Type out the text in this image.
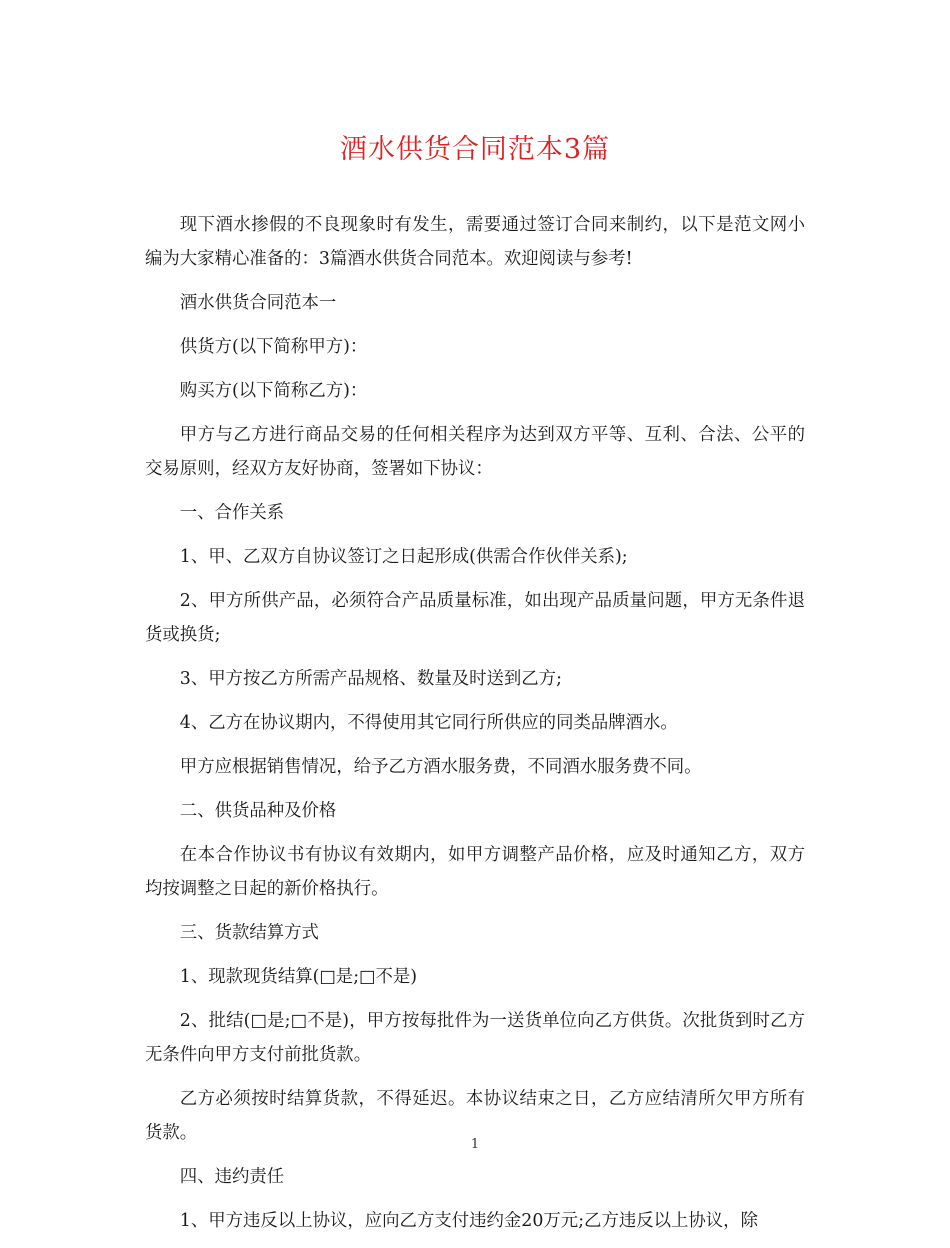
酒水供货合同范本3篇

现下酒水掺假的不良现象时有发生，需要通过签订合同来制约，以下是范文网小编为大家精心准备的：3篇酒水供货合同范本。欢迎阅读与参考!

酒水供货合同范本一

供货方(以下简称甲方)：

购买方(以下简称乙方)：

甲方与乙方进行商品交易的任何相关程序为达到双方平等、互利、合法、公平的交易原则，经双方友好协商，签署如下协议：

一、合作关系

1、甲、乙双方自协议签订之日起形成(供需合作伙伴关系);

2、甲方所供产品，必须符合产品质量标准，如出现产品质量问题，甲方无条件退货或换货;

3、甲方按乙方所需产品规格、数量及时送到乙方;

4、乙方在协议期内，不得使用其它同行所供应的同类品牌酒水。

甲方应根据销售情况，给予乙方酒水服务费，不同酒水服务费不同。

二、供货品种及价格

在本合作协议书有协议有效期内，如甲方调整产品价格，应及时通知乙方，双方均按调整之日起的新价格执行。

三、货款结算方式

1、现款现货结算(□是;□不是)

2、批结(□是;□不是)，甲方按每批件为一送货单位向乙方供货。次批货到时乙方无条件向甲方支付前批货款。

乙方必须按时结算货款，不得延迟。本协议结束之日，乙方应结清所欠甲方所有货款。

四、违约责任

1、甲方违反以上协议，应向乙方支付违约金20万元;乙方违反以上协议，除

1
